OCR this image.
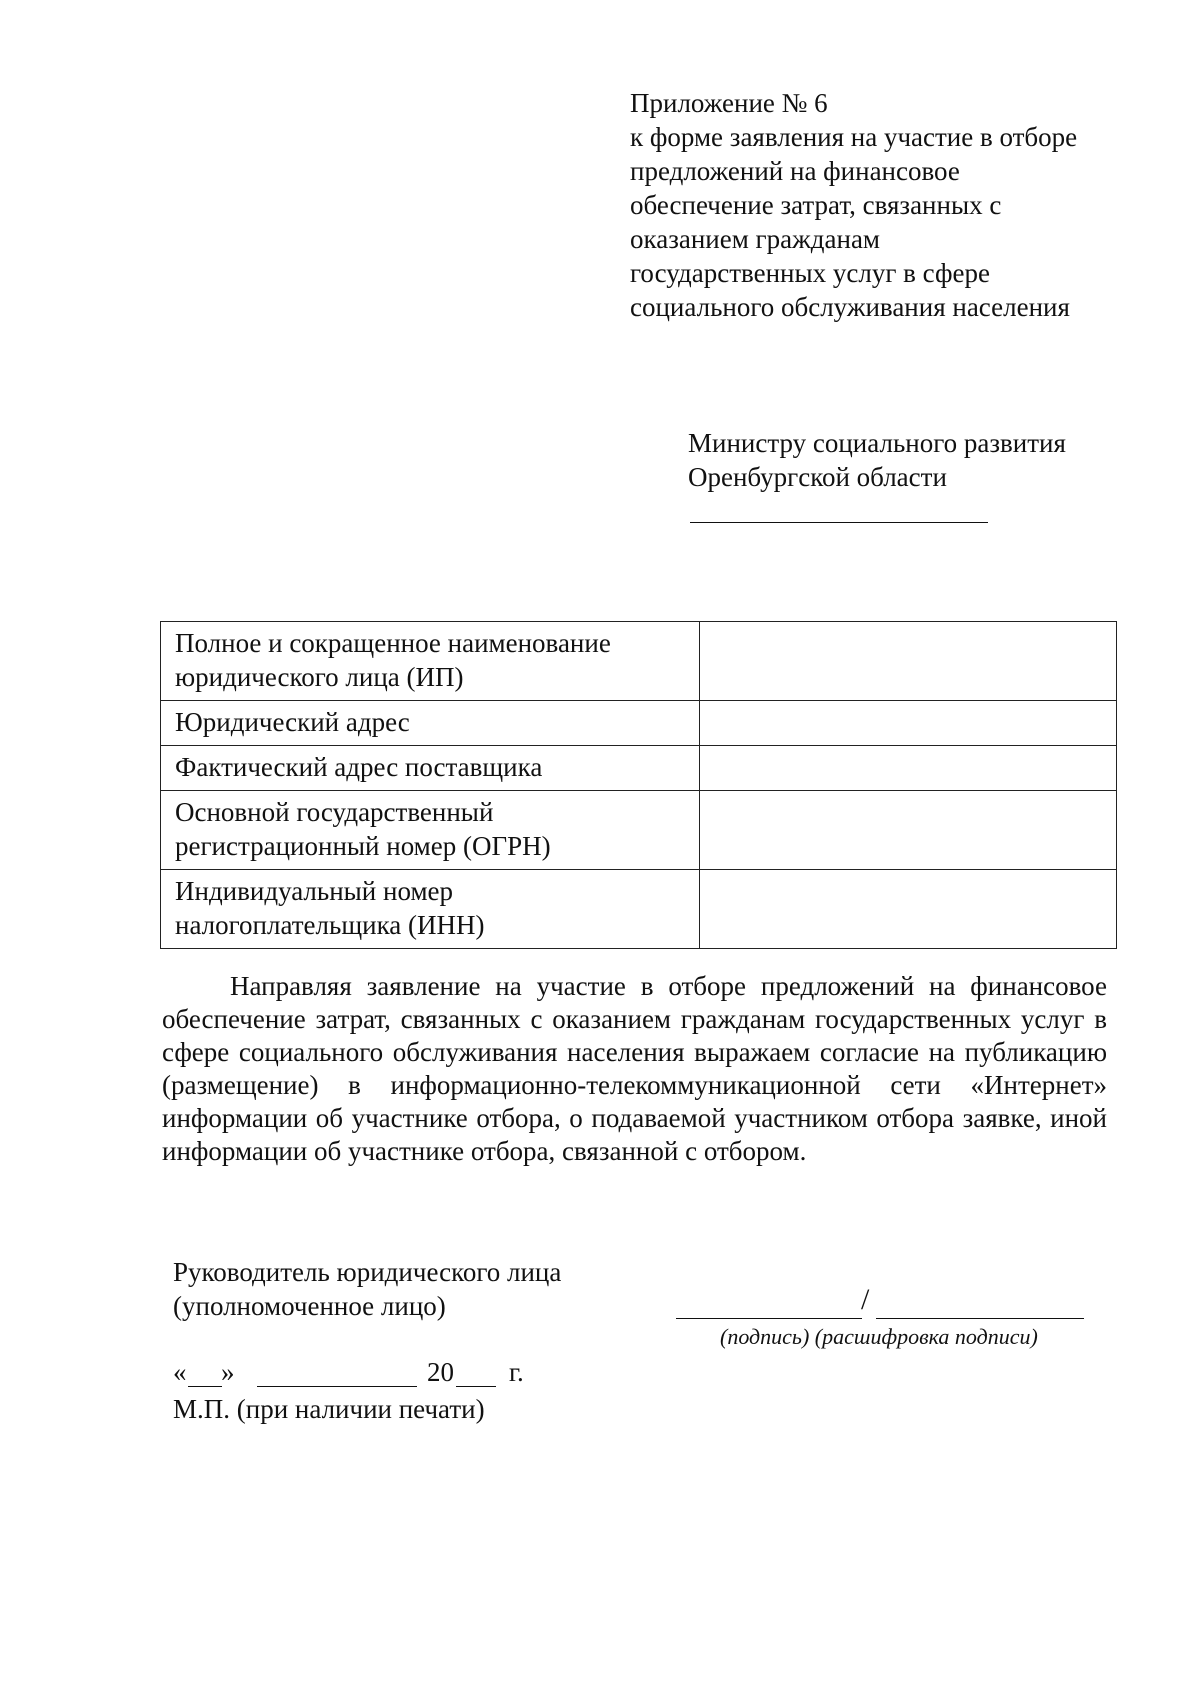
Приложение № 6
к форме заявления на участие в отборе
предложений на финансовое
обеспечение затрат, связанных с
оказанием гражданам
государственных услуг в сфере
социального обслуживания населения
Министру социального развития
Оренбургской области
Полное и сокращенное наименование
юридического лица (ИП)	

Юридический адрес	

Фактический адрес поставщика	

Основной государственный
регистрационный номер (ОГРН)	

Индивидуальный номер
налогоплательщика (ИНН)	

Направляя заявление на участие в отборе предложений на финансовое обеспечение затрат, связанных с оказанием гражданам государственных услуг в сфере социального обслуживания населения выражаем согласие на публикацию (размещение) в информационно-телекоммуникационной сети «Интернет» информации об участнике отбора, о подаваемой участником отбора заявке, иной информации об участнике отбора, связанной с отбором.

Руководитель юридического лица
(уполномоченное лицо)	/
(подпись) (расшифровка подписи)
« »	20 г.
М.П. (при наличии печати)
